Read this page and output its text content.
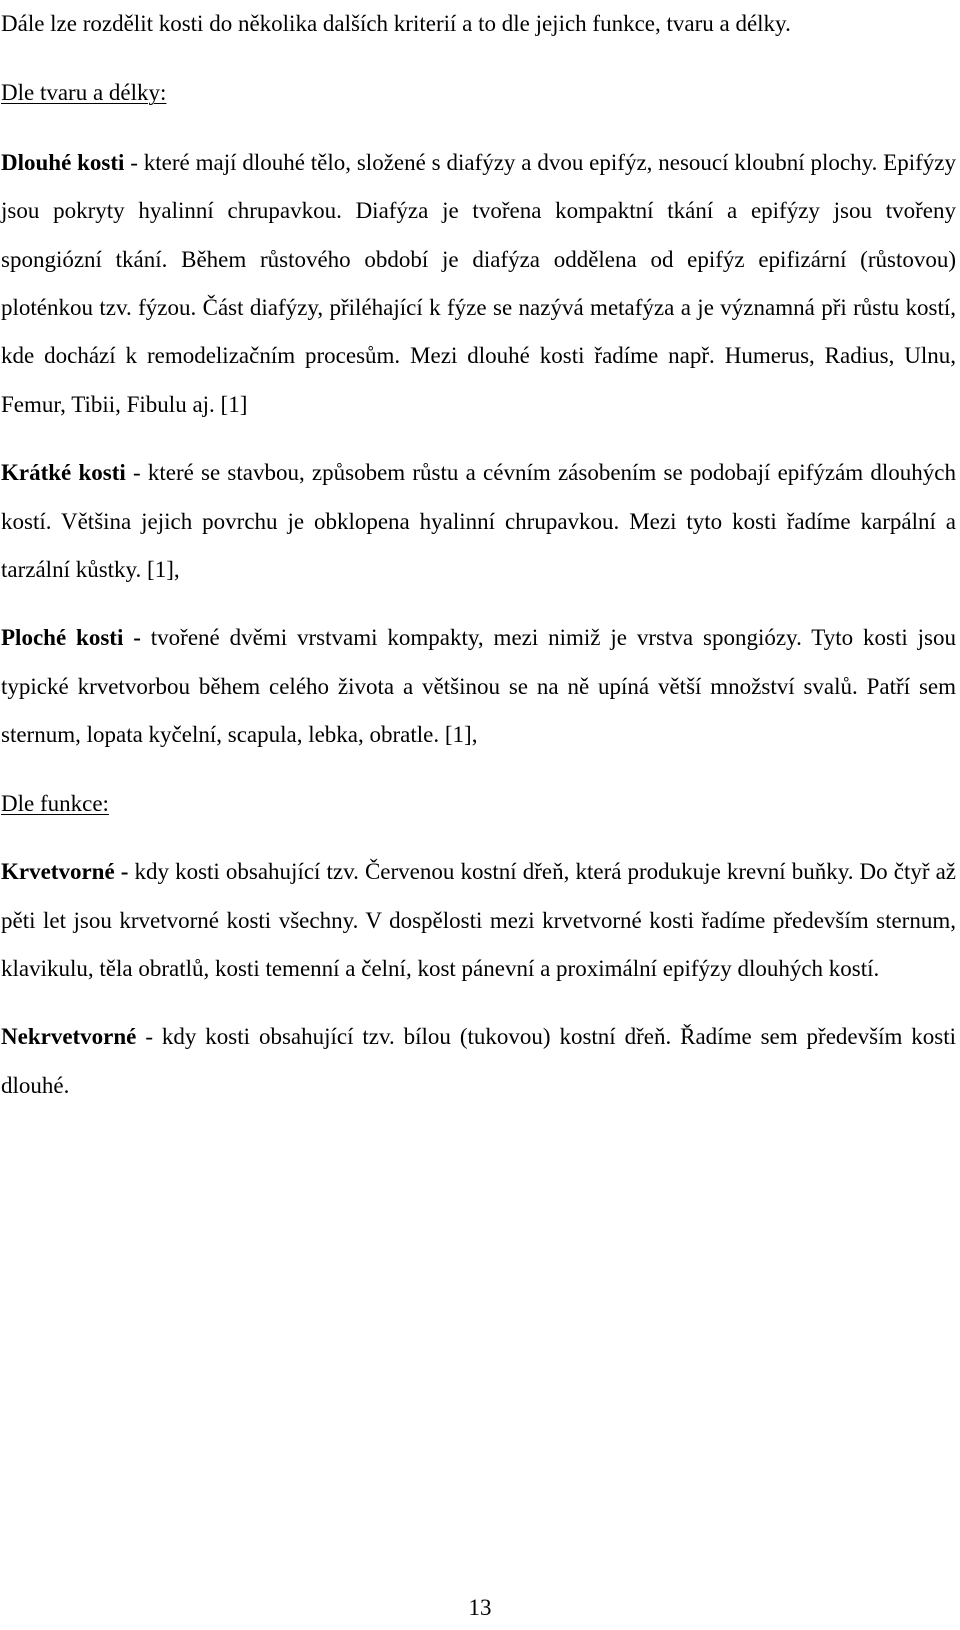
Dále lze rozdělit kosti do několika dalších kriterií a to dle jejich funkce, tvaru a délky.

Dle tvaru a délky:

Dlouhé kosti - které mají dlouhé tělo, složené s diafýzy a dvou epifýz, nesoucí kloubní plochy. Epifýzy jsou pokryty hyalinní chrupavkou. Diafýza je tvořena kompaktní tkání a epifýzy jsou tvořeny spongiózní tkání. Během růstového období je diafýza oddělena od epifýz epifizární (růstovou) ploténkou tzv. fýzou. Část diafýzy, přiléhající k fýze se nazývá metafýza a je významná při růstu kostí, kde dochází k remodelizačním procesům. Mezi dlouhé kosti řadíme např. Humerus, Radius, Ulnu, Femur, Tibii, Fibulu aj. [1]

Krátké kosti - které se stavbou, způsobem růstu a cévním zásobením se podobají epifýzám dlouhých kostí. Většina jejich povrchu je obklopena hyalinní chrupavkou. Mezi tyto kosti řadíme karpální a tarzální kůstky. [1],

Ploché kosti - tvořené dvěmi vrstvami kompakty, mezi nimiž je vrstva spongiózy. Tyto kosti jsou typické krvetvorbou během celého života a většinou se na ně upíná větší množství svalů. Patří sem sternum, lopata kyčelní, scapula, lebka, obratle. [1],

Dle funkce:

Krvetvorné - kdy kosti obsahující tzv. Červenou kostní dřeň, která produkuje krevní buňky. Do čtyř až pěti let jsou krvetvorné kosti všechny. V dospělosti mezi krvetvorné kosti řadíme především sternum, klavikulu, těla obratlů, kosti temenní a čelní, kost pánevní a proximální epifýzy dlouhých kostí.

Nekrvetvorné - kdy kosti obsahující tzv. bílou (tukovou) kostní dřeň. Řadíme sem především kosti dlouhé.

13
